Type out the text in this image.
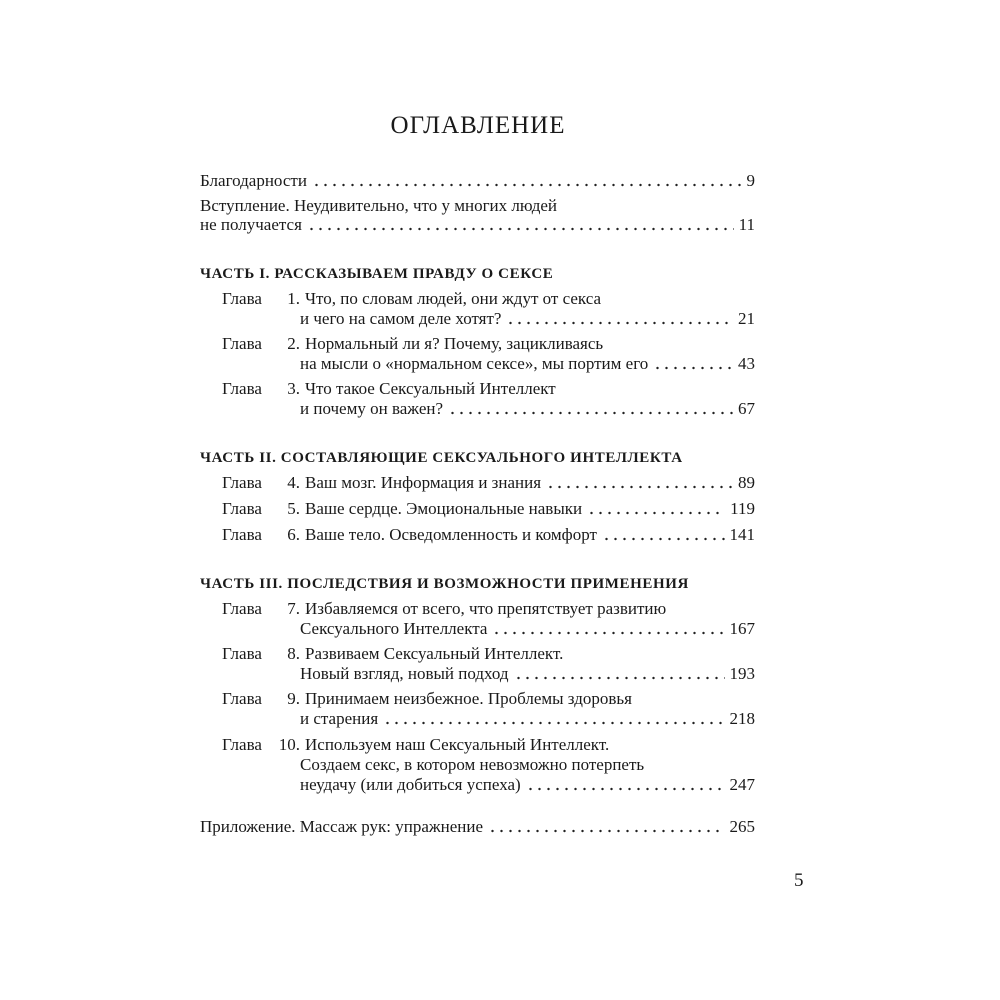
ОГЛАВЛЕНИЕ
Благодарности	9
Вступление. Неудивительно, что у многих людей
не получается	11
ЧАСТЬ I. РАССКАЗЫВАЕМ ПРАВДУ О СЕКСЕ
Глава	1. Что, по словам людей, они ждут от секса
и чего на самом деле хотят?	21
Глава	2. Нормальный ли я? Почему, зацикливаясь
на мысли о «нормальном сексе», мы портим его	43
Глава	3. Что такое Сексуальный Интеллект
и почему он важен?	67
ЧАСТЬ II. СОСТАВЛЯЮЩИЕ СЕКСУАЛЬНОГО ИНТЕЛЛЕКТА
Глава	4. Ваш мозг. Информация и знания	89
Глава	5. Ваше сердце. Эмоциональные навыки	119
Глава	6. Ваше тело. Осведомленность и комфорт	141
ЧАСТЬ III. ПОСЛЕДСТВИЯ И ВОЗМОЖНОСТИ ПРИМЕНЕНИЯ
Глава	7. Избавляемся от всего, что препятствует развитию
Сексуального Интеллекта	167
Глава	8. Развиваем Сексуальный Интеллект.
Новый взгляд, новый подход	193
Глава	9. Принимаем неизбежное. Проблемы здоровья
и старения	218
Глава 10. Используем наш Сексуальный Интеллект.
Создаем секс, в котором невозможно потерпеть
неудачу (или добиться успеха)	247
Приложение. Массаж рук: упражнение	265
5
